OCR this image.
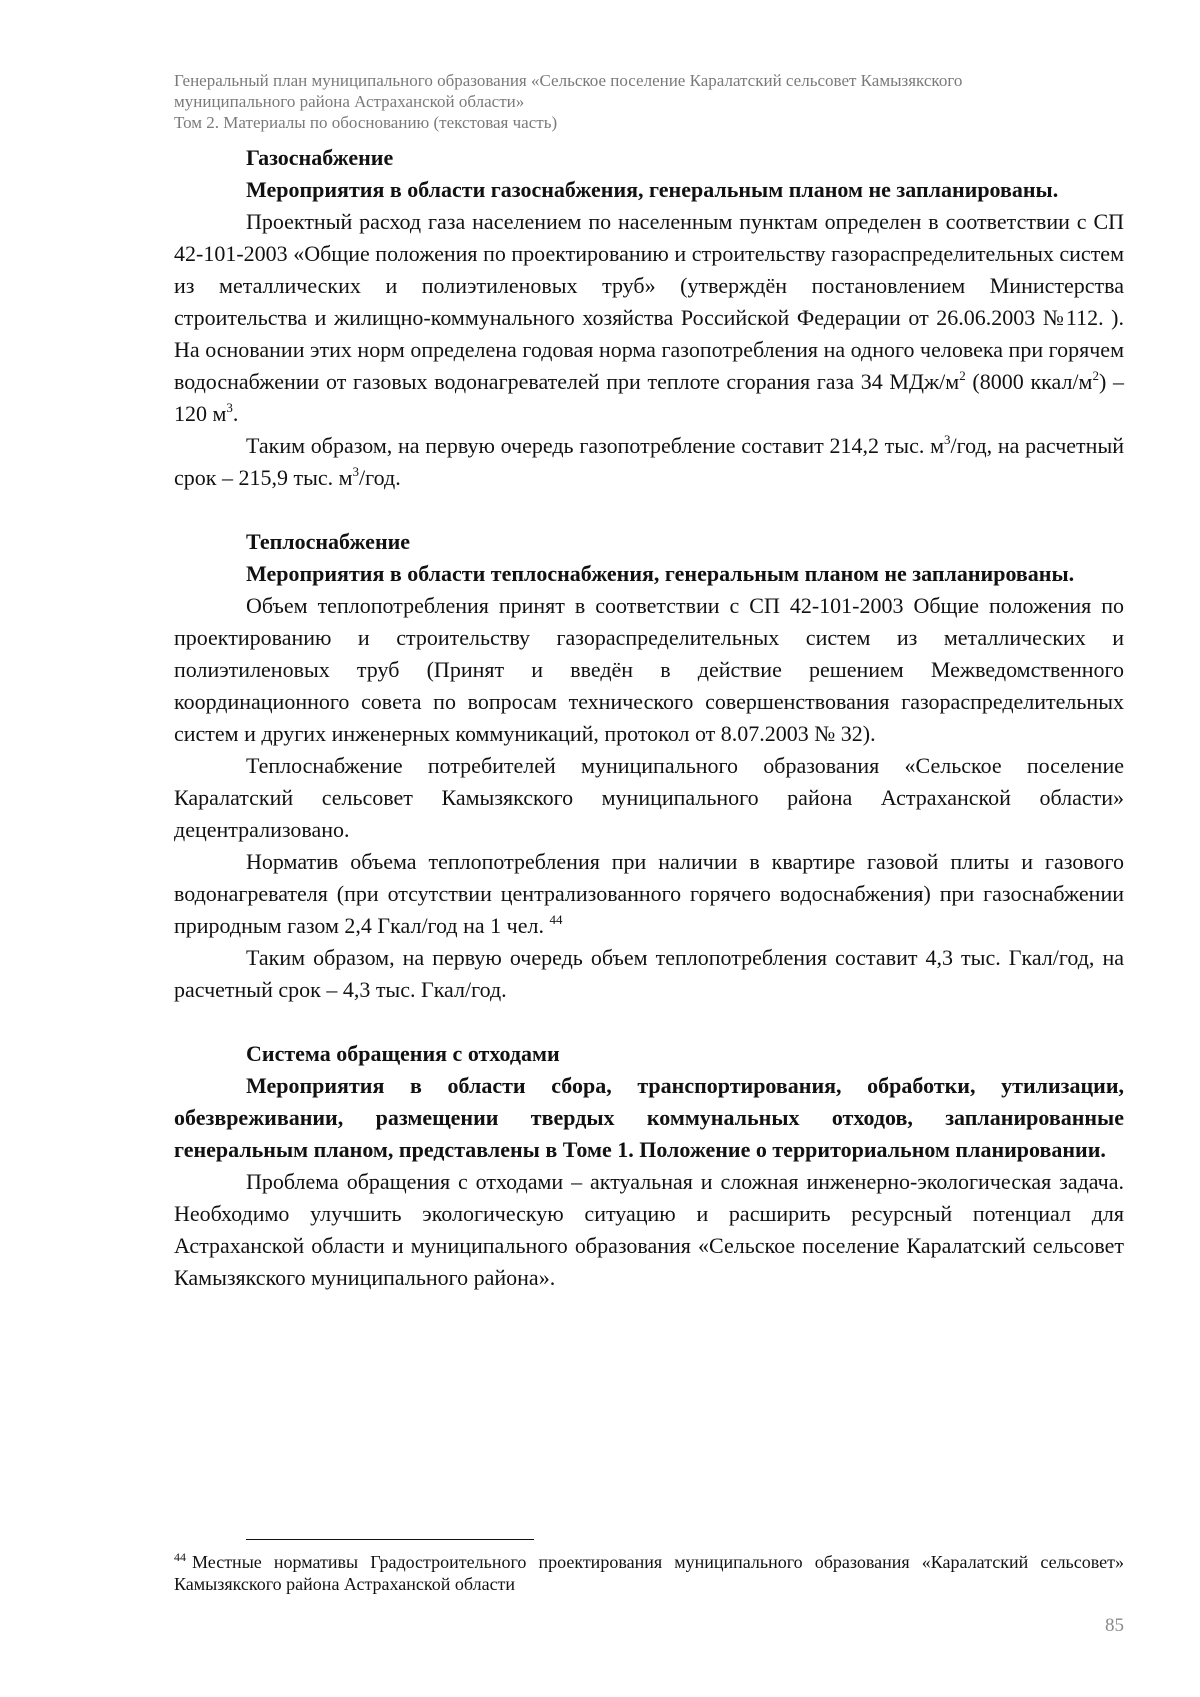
Генеральный план муниципального образования «Сельское поселение Каралатский сельсовет Камызякского
муниципального района Астраханской области»
Том 2. Материалы по обоснованию (текстовая часть)

Газоснабжение

Мероприятия в области газоснабжения, генеральным планом не запланированы.

Проектный расход газа населением по населенным пунктам определен в соответствии с СП 42-101-2003 «Общие положения по проектированию и строительству газораспределительных систем из металлических и полиэтиленовых труб» (утверждён постановлением Министерства строительства и жилищно-коммунального хозяйства Российской Федерации от 26.06.2003 №112. ). На основании этих норм определена годовая норма газопотребления на одного человека при горячем водоснабжении от газовых водонагревателей при теплоте сгорания газа 34 МДж/$м^2$ (8000 ккал/$м^2) - 120$ $м^3$.

Таким образом, на первую очередь газопотребление составит 214,2 тыс. $м^3$/год, на расчетный срок – 215,9 тыс. $м^3$/год.

Теплоснабжение

Мероприятия в области теплоснабжения, генеральным планом не запланированы.

Объем теплопотребления принят в соответствии с СП 42-101-2003 Общие положения по проектированию и строительству газораспределительных систем из металлических и полиэтиленовых труб (Принят и введён в действие решением Межведомственного координационного совета по вопросам технического совершенствования газораспределительных систем и других инженерных коммуникаций, протокол от 8.07.2003 № 32).

Теплоснабжение потребителей муниципального образования «Сельское поселение Каралатский сельсовет Камызякского муниципального района Астраханской области» децентрализовано.

Норматив объема теплопотребления при наличии в квартире газовой плиты и газового водонагревателя (при отсутствии централизованного горячего водоснабжения) при газоснабжении природным газом 2,4 Гкал/год на 1 чел. $^{44}$

Таким образом, на первую очередь объем теплопотребления составит 4,3 тыс. Гкал/год, на расчетный срок – 4,3 тыс. Гкал/год.

Система обращения с отходами

Мероприятия в области сбора, транспортирования, обработки, утилизации, обезвреживании, размещении твердых коммунальных отходов, запланированные генеральным планом, представлены в Томе 1. Положение о территориальном планировании.

Проблема обращения с отходами – актуальная и сложная инженерно-экологическая задача. Необходимо улучшить экологическую ситуацию и расширить ресурсный потенциал для Астраханской области и муниципального образования «Сельское поселение Каралатский сельсовет Камызякского муниципального района».

$^{44}$ Местные нормативы Градостроительного проектирования муниципального образования «Каралатский сельсовет» Камызякского района Астраханской области
85
